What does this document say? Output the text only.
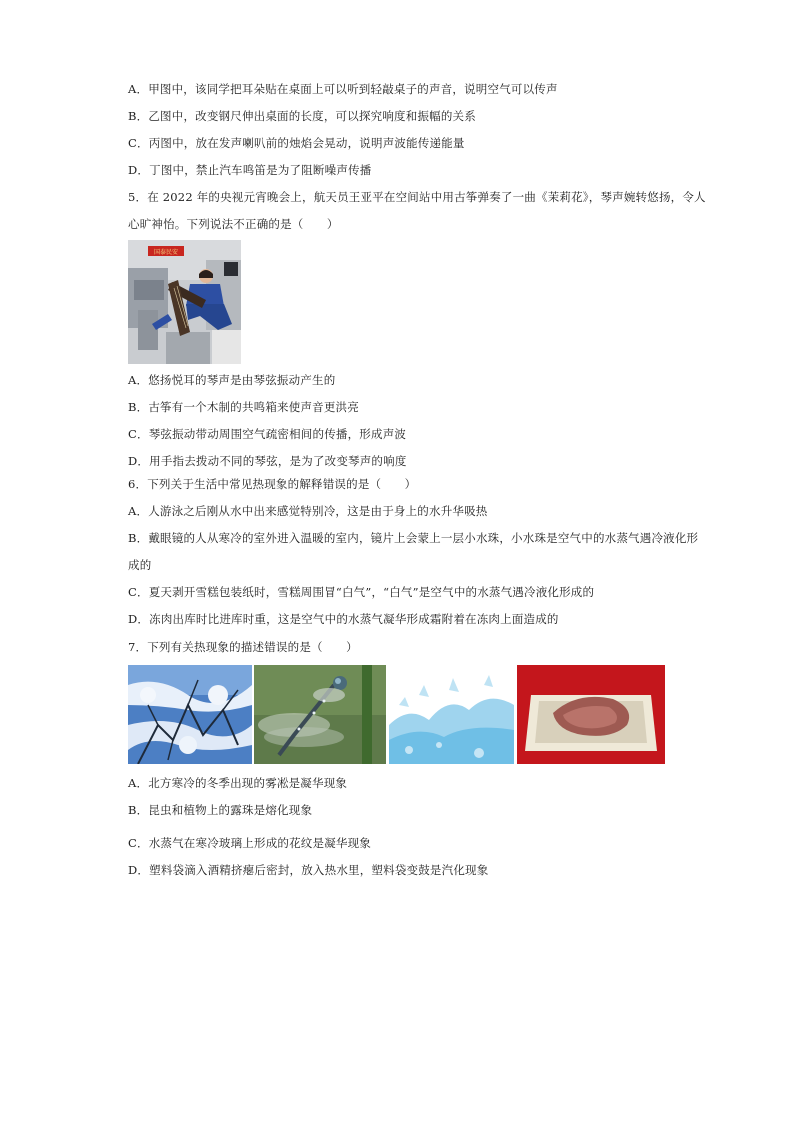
A．甲图中，该同学把耳朵贴在桌面上可以听到轻敲桌子的声音，说明空气可以传声
B．乙图中，改变钢尺伸出桌面的长度，可以探究响度和振幅的关系
C．丙图中，放在发声喇叭前的烛焰会晃动，说明声波能传递能量
D．丁图中，禁止汽车鸣笛是为了阻断噪声传播
5．在 2022 年的央视元宵晚会上，航天员王亚平在空间站中用古筝弹奏了一曲《茉莉花》，琴声婉转悠扬，令人
心旷神怡。下列说法不正确的是（　　）
国泰民安
A．悠扬悦耳的琴声是由琴弦振动产生的
B．古筝有一个木制的共鸣箱来使声音更洪亮
C．琴弦振动带动周围空气疏密相间的传播，形成声波
D．用手指去拨动不同的琴弦，是为了改变琴声的响度
6．下列关于生活中常见热现象的解释错误的是（　　）
A．人游泳之后刚从水中出来感觉特别冷，这是由于身上的水升华吸热
B．戴眼镜的人从寒冷的室外进入温暖的室内，镜片上会蒙上一层小水珠，小水珠是空气中的水蒸气遇冷液化形
成的
C．夏天剥开雪糕包装纸时，雪糕周围冒“白气”，“白气”是空气中的水蒸气遇冷液化形成的
D．冻肉出库时比进库时重，这是空气中的水蒸气凝华形成霜附着在冻肉上面造成的
7．下列有关热现象的描述错误的是（　　）
A．北方寒冷的冬季出现的雾凇是凝华现象
B．昆虫和植物上的露珠是熔化现象
C．水蒸气在寒冷玻璃上形成的花纹是凝华现象
D．塑料袋滴入酒精挤瘪后密封，放入热水里，塑料袋变鼓是汽化现象
